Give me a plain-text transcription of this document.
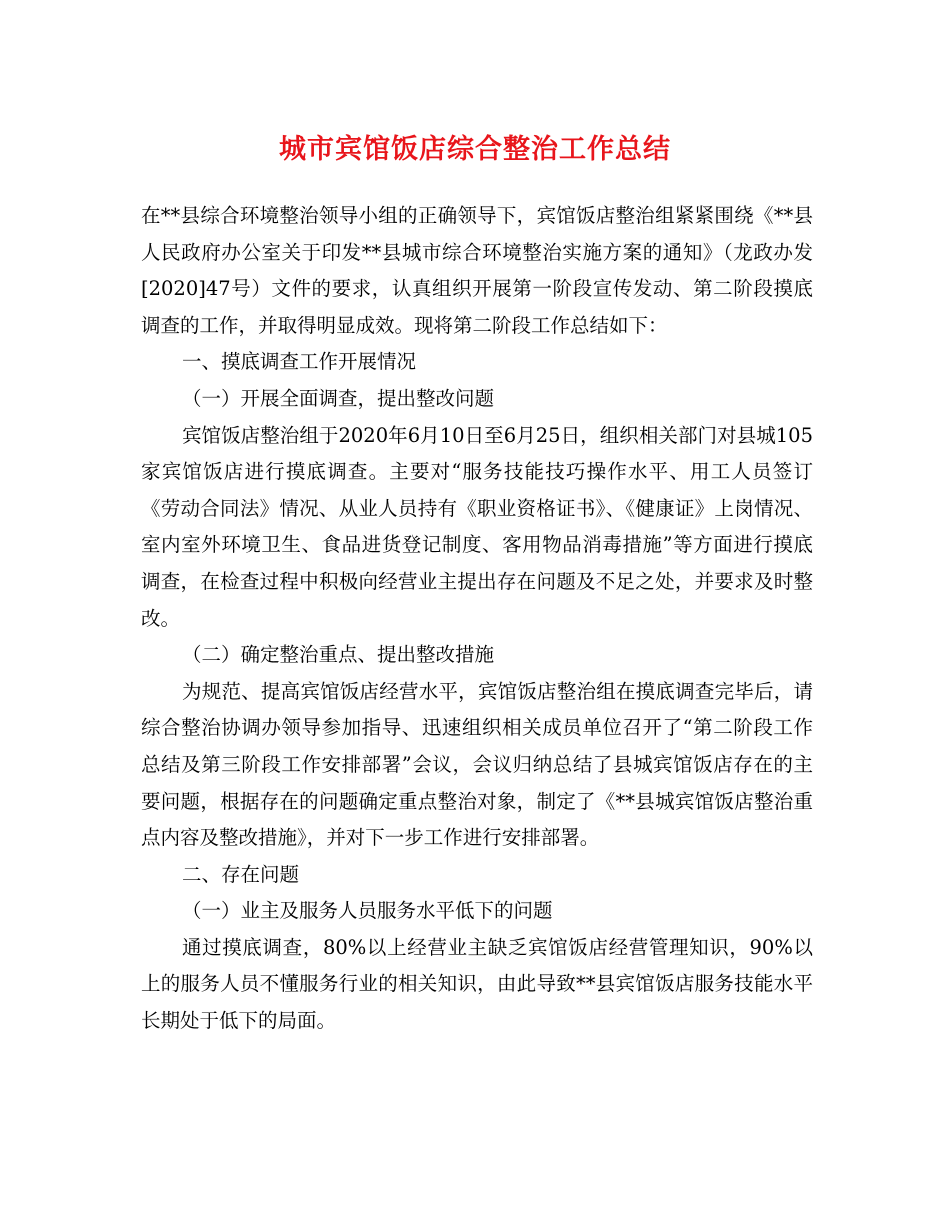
城市宾馆饭店综合整治工作总结

在**县综合环境整治领导小组的正确领导下，宾馆饭店整治组紧紧围绕《**县人民政府办公室关于印发**县城市综合环境整治实施方案的通知》（龙政办发[2020]47号）文件的要求，认真组织开展第一阶段宣传发动、第二阶段摸底调查的工作，并取得明显成效。现将第二阶段工作总结如下：

一、摸底调查工作开展情况

（一）开展全面调查，提出整改问题

宾馆饭店整治组于2020年6月10日至6月25日，组织相关部门对县城105家宾馆饭店进行摸底调查。主要对“服务技能技巧操作水平、用工人员签订《劳动合同法》情况、从业人员持有《职业资格证书》、《健康证》上岗情况、室内室外环境卫生、食品进货登记制度、客用物品消毒措施”等方面进行摸底调查，在检查过程中积极向经营业主提出存在问题及不足之处，并要求及时整改。

（二）确定整治重点、提出整改措施

为规范、提高宾馆饭店经营水平，宾馆饭店整治组在摸底调查完毕后，请综合整治协调办领导参加指导、迅速组织相关成员单位召开了“第二阶段工作总结及第三阶段工作安排部署”会议，会议归纳总结了县城宾馆饭店存在的主要问题，根据存在的问题确定重点整治对象，制定了《**县城宾馆饭店整治重点内容及整改措施》，并对下一步工作进行安排部署。

二、存在问题

（一）业主及服务人员服务水平低下的问题

通过摸底调查，80%以上经营业主缺乏宾馆饭店经营管理知识，90%以上的服务人员不懂服务行业的相关知识，由此导致**县宾馆饭店服务技能水平长期处于低下的局面。
